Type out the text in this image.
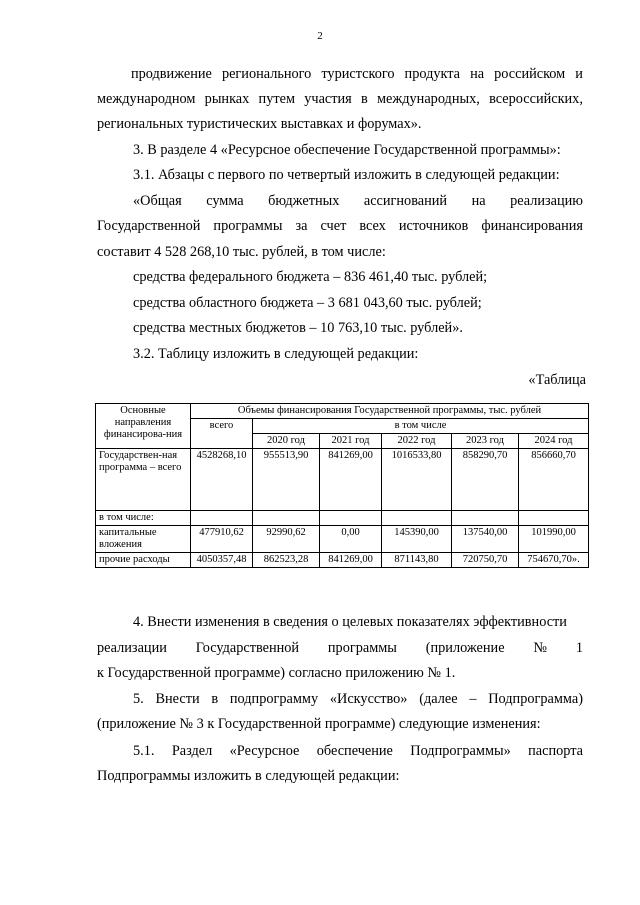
2
продвижение регионального туристского продукта на российском и
международном рынках путем участия в международных, всероссийских,
региональных туристических выставках и форумах».
3. В разделе 4 «Ресурсное обеспечение Государственной программы»:
3.1. Абзацы с первого по четвертый изложить в следующей редакции:
«Общая сумма бюджетных ассигнований на реализацию
Государственной программы за счет всех источников финансирования
составит 4 528 268,10 тыс. рублей, в том числе:
средства федерального бюджета – 836 461,40 тыс. рублей;
средства областного бюджета – 3 681 043,60 тыс. рублей;
средства местных бюджетов – 10 763,10 тыс. рублей».
3.2. Таблицу изложить в следующей редакции:
«Таблица
Основные направления финансирова-ния	Объемы финансирования Государственной программы, тыс. рублей					
	всего	в том числе				
		2020 год	2021 год	2022 год	2023 год	2024 год
Государствен-ная программа – всего	4528268,10	955513,90	841269,00	1016533,80	858290,70	856660,70
в том числе:						
капитальные вложения	477910,62	92990,62	0,00	145390,00	137540,00	101990,00
прочие расходы	4050357,48	862523,28	841269,00	871143,80	720750,70	754670,70».
4. Внести изменения в сведения о целевых показателях эффективности
реализации Государственной программы (приложение № 1
к Государственной программе) согласно приложению № 1.
5. Внести в подпрограмму «Искусство» (далее – Подпрограмма)
(приложение № 3 к Государственной программе) следующие изменения:
5.1. Раздел «Ресурсное обеспечение Подпрограммы» паспорта
Подпрограммы изложить в следующей редакции:
